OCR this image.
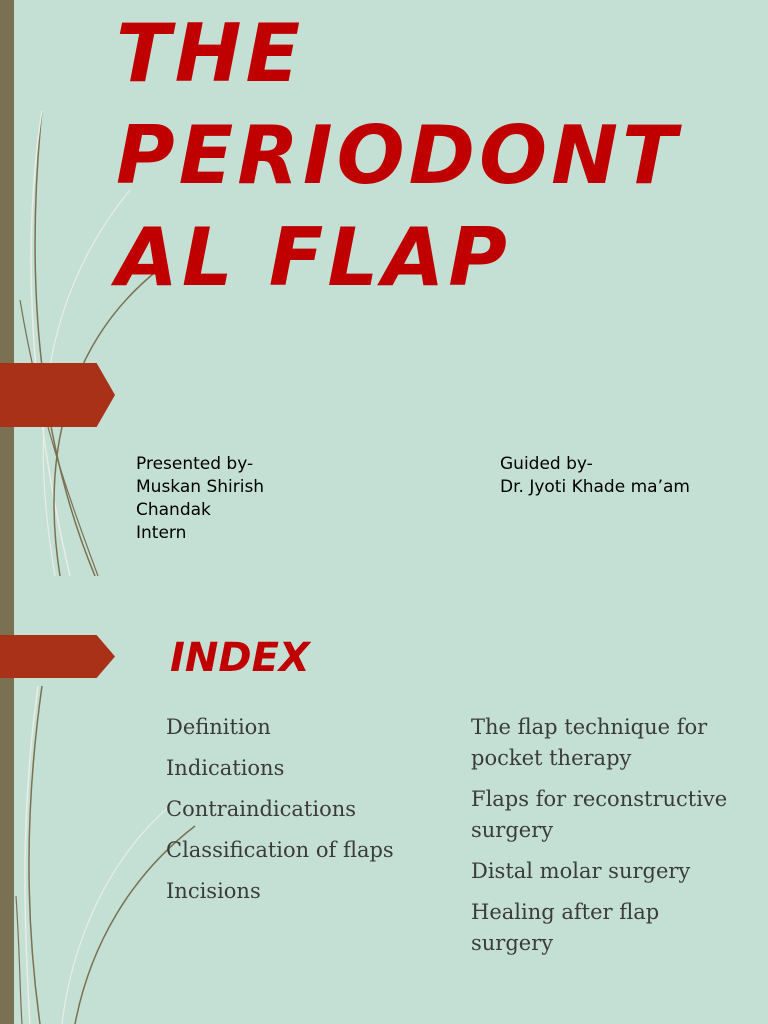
THE
PERIODONT
AL FLAP
Presented by-
Muskan Shirish
Chandak
Intern
Guided by-
Dr. Jyoti Khade ma’am
INDEX
Definition
Indications
Contraindications
Classification of flaps
Incisions
The flap technique for pocket therapy
Flaps for reconstructive surgery
Distal molar surgery
Healing after flap surgery
